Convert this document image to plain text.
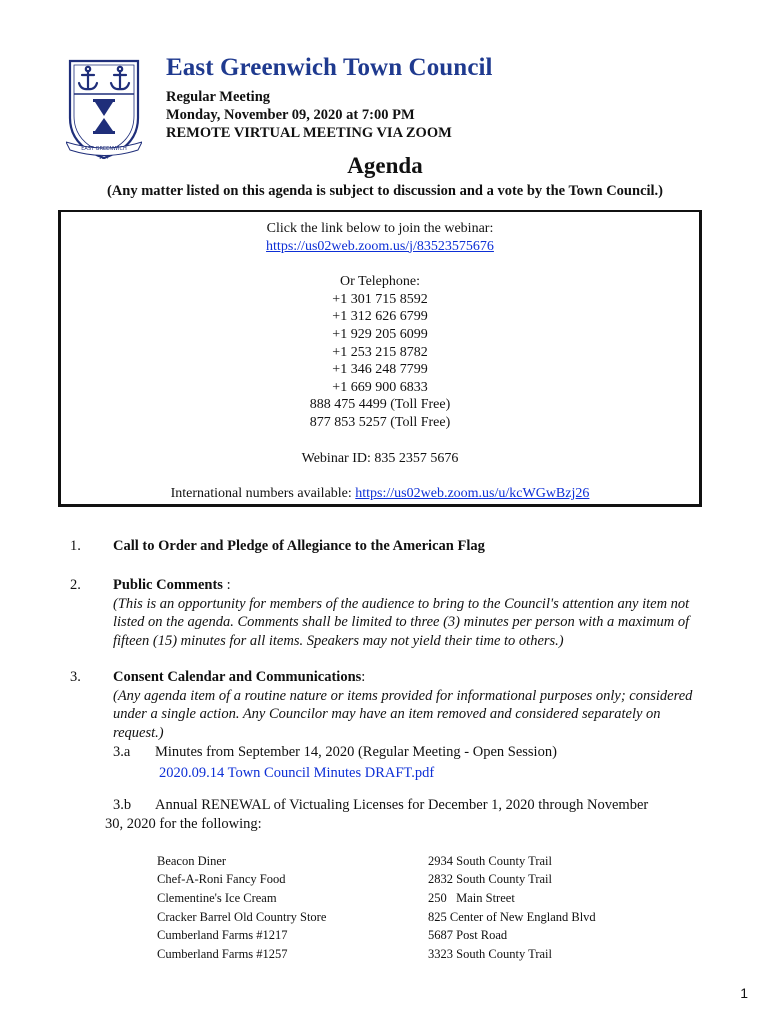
EAST GREENWICH
1677
East Greenwich Town Council

Regular Meeting

Monday, November 09, 2020 at 7:00 PM

REMOTE VIRTUAL MEETING VIA ZOOM

Agenda

(Any matter listed on this agenda is subject to discussion and a vote by the Town Council.)

Click the link below to join the webinar:

https://us02web.zoom.us/j/83523575676

Or Telephone:

+1 301 715 8592
+1 312 626 6799
+1 929 205 6099
+1 253 215 8782
+1 346 248 7799
+1 669 900 6833
888 475 4499 (Toll Free)
877 853 5257 (Toll Free)

Webinar ID: 835 2357 5676

International numbers available: https://us02web.zoom.us/u/kcWGwBzj26

1. Call to Order and Pledge of Allegiance to the American Flag
2. Public Comments :
(This is an opportunity for members of the audience to bring to the Council's attention any item not listed on the agenda. Comments shall be limited to three (3) minutes per person with a maximum of fifteen (15) minutes for all items. Speakers may not yield their time to others.)
3. Consent Calendar and Communications:
(Any agenda item of a routine nature or items provided for informational purposes only; considered under a single action. Any Councilor may have an item removed and considered separately on request.)
3.a Minutes from September 14, 2020 (Regular Meeting - Open Session)
2020.09.14 Town Council Minutes DRAFT.pdf
3.b Annual RENEWAL of Victualing Licenses for December 1, 2020 through November
30, 2020 for the following:
Beacon Diner	2934 South County Trail
Chef-A-Roni Fancy Food	2832 South County Trail
Clementine's Ice Cream	250   Main Street
Cracker Barrel Old Country Store	825 Center of New England Blvd
Cumberland Farms #1217	5687 Post Road
Cumberland Farms #1257	3323 South County Trail
1
